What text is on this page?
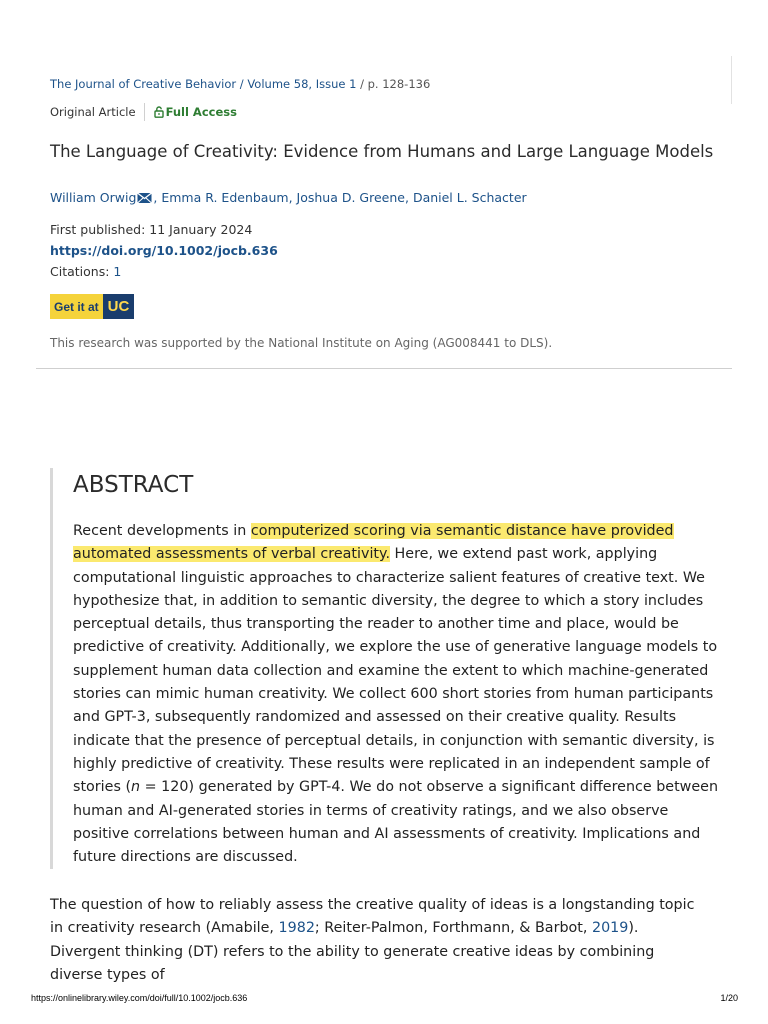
The Journal of Creative Behavior / Volume 58, Issue 1 / p. 128-136
Original Article	Full Access
The Language of Creativity: Evidence from Humans and Large Language Models
William Orwig , Emma R. Edenbaum, Joshua D. Greene, Daniel L. Schacter
First published: 11 January 2024
https://doi.org/10.1002/jocb.636
Citations: 1
Get it at UC
This research was supported by the National Institute on Aging (AG008441 to DLS).
ABSTRACT

Recent developments in computerized scoring via semantic distance have provided automated assessments of verbal creativity. Here, we extend past work, applying computational linguistic approaches to characterize salient features of creative text. We hypothesize that, in addition to semantic diversity, the degree to which a story includes perceptual details, thus transporting the reader to another time and place, would be predictive of creativity. Additionally, we explore the use of generative language models to supplement human data collection and examine the extent to which machine-generated stories can mimic human creativity. We collect 600 short stories from human participants and GPT-3, subsequently randomized and assessed on their creative quality. Results indicate that the presence of perceptual details, in conjunction with semantic diversity, is highly predictive of creativity. These results were replicated in an independent sample of stories (n = 120) generated by GPT-4. We do not observe a significant difference between human and AI-generated stories in terms of creativity ratings, and we also observe positive correlations between human and AI assessments of creativity. Implications and future directions are discussed.

The question of how to reliably assess the creative quality of ideas is a longstanding topic in creativity research (Amabile, 1982; Reiter-Palmon, Forthmann, & Barbot, 2019). Divergent thinking (DT) refers to the ability to generate creative ideas by combining diverse types of

https://onlinelibrary.wiley.com/doi/full/10.1002/jocb.636	1/20
